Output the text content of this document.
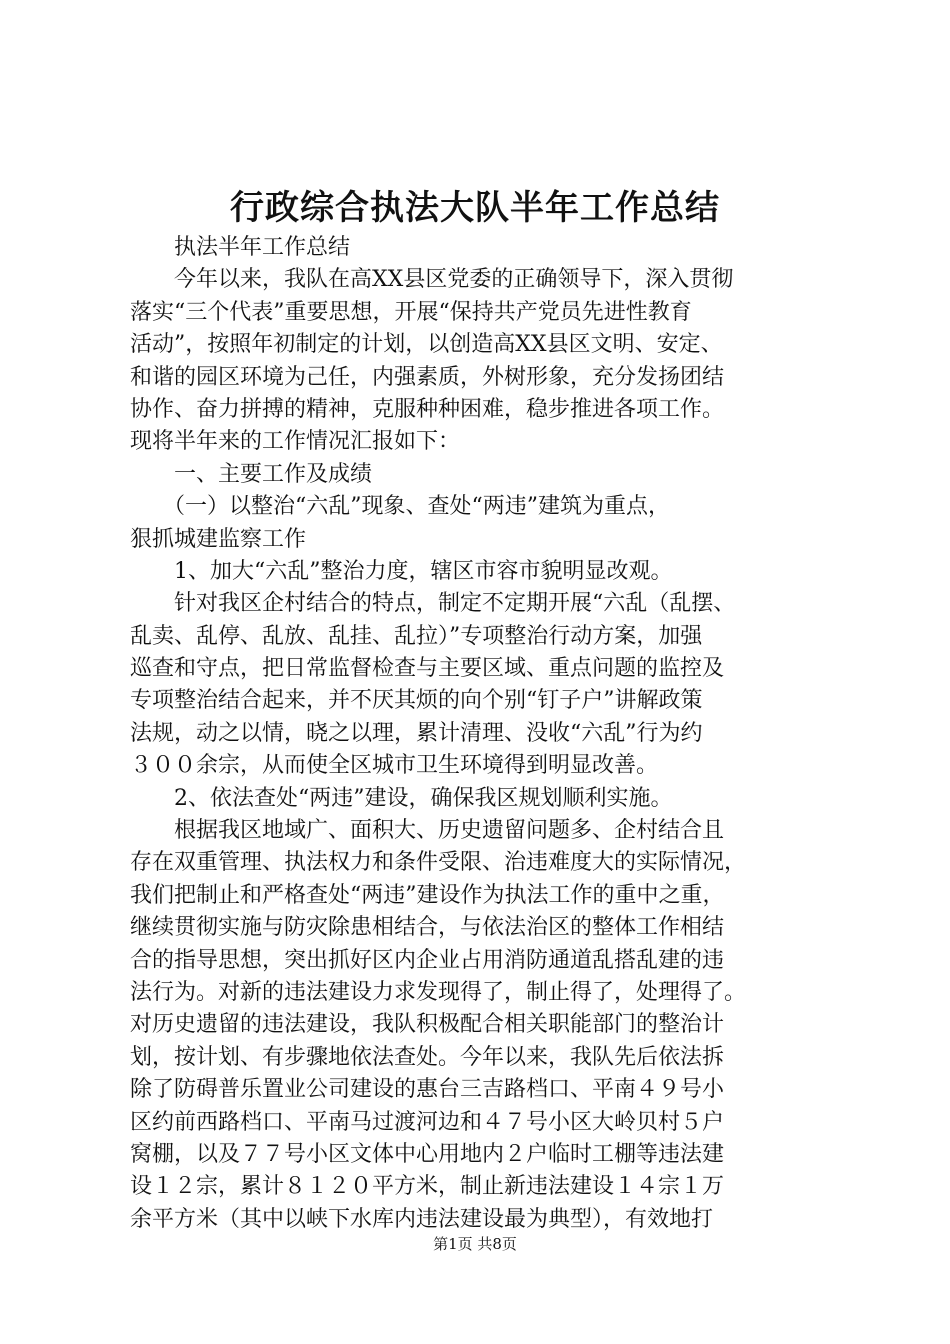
行政综合执法大队半年工作总结
　　执法半年工作总结
　　今年以来，我队在高XX县区党委的正确领导下，深入贯彻
落实“三个代表”重要思想，开展“保持共产党员先进性教育
活动”，按照年初制定的计划，以创造高XX县区文明、安定、
和谐的园区环境为己任，内强素质，外树形象，充分发扬团结
协作、奋力拼搏的精神，克服种种困难，稳步推进各项工作。
现将半年来的工作情况汇报如下：
　　一、主要工作及成绩
　　（一）以整治“六乱”现象、查处“两违”建筑为重点，
狠抓城建监察工作
　　1、加大“六乱”整治力度，辖区市容市貌明显改观。
　　针对我区企村结合的特点，制定不定期开展“六乱（乱摆、
乱卖、乱停、乱放、乱挂、乱拉）”专项整治行动方案，加强
巡查和守点，把日常监督检查与主要区域、重点问题的监控及
专项整治结合起来，并不厌其烦的向个别“钉子户”讲解政策
法规，动之以情，晓之以理，累计清理、没收“六乱”行为约
３００余宗，从而使全区城市卫生环境得到明显改善。
　　2、依法查处“两违”建设，确保我区规划顺利实施。
　　根据我区地域广、面积大、历史遗留问题多、企村结合且
存在双重管理、执法权力和条件受限、治违难度大的实际情况，
我们把制止和严格查处“两违”建设作为执法工作的重中之重，
继续贯彻实施与防灾除患相结合，与依法治区的整体工作相结
合的指导思想，突出抓好区内企业占用消防通道乱搭乱建的违
法行为。对新的违法建设力求发现得了，制止得了，处理得了。
对历史遗留的违法建设，我队积极配合相关职能部门的整治计
划，按计划、有步骤地依法查处。今年以来，我队先后依法拆
除了防碍普乐置业公司建设的惠台三吉路档口、平南４９号小
区约前西路档口、平南马过渡河边和４７号小区大岭贝村５户
窝棚，以及７７号小区文体中心用地内２户临时工棚等违法建
设１２宗，累计８１２０平方米，制止新违法建设１４宗１万
余平方米（其中以峡下水库内违法建设最为典型），有效地打
第1页 共8页
